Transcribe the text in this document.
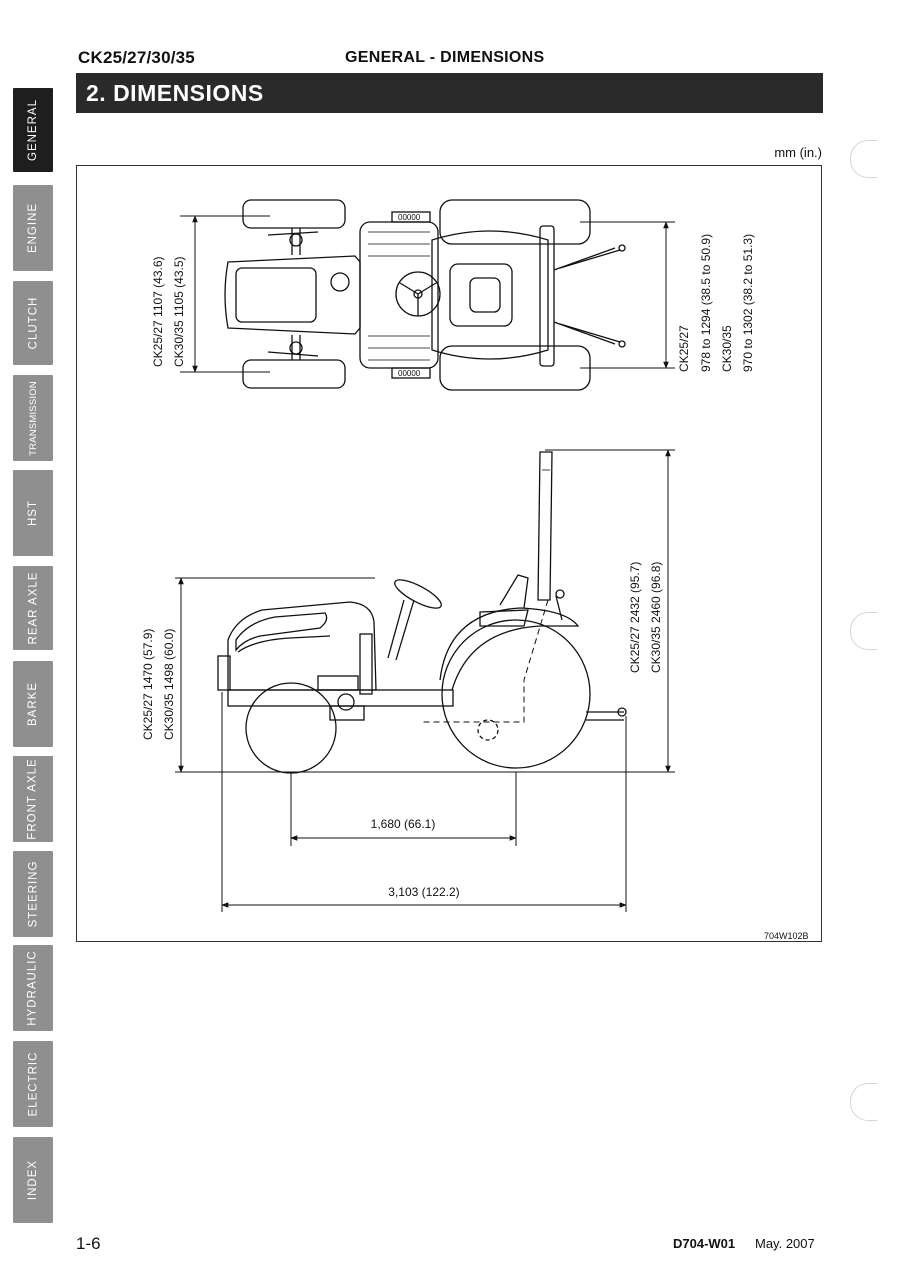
CK25/27/30/35	GENERAL - DIMENSIONS
2. DIMENSIONS
mm (in.)
GENERAL
ENGINE
CLUTCH
TRANSMISSION
HST
REAR AXLE
BARKE
FRONT AXLE
STEERING
HYDRAULIC
ELECTRIC
INDEX
00000
00000
CK25/27 1107 (43.6) CK30/35 1105 (43.5)	CK25/27 978 to 1294 (38.5 to 50.9) CK30/35 970 to 1302 (38.2 to 51.3)
CK25/27 1470 (57.9) CK30/35 1498 (60.0)
CK25/27 2432 (95.7) CK30/35 2460 (96.8)
1,680 (66.1)
3,103 (122.2)
704W102B
1-6	D704-W01 May. 2007
